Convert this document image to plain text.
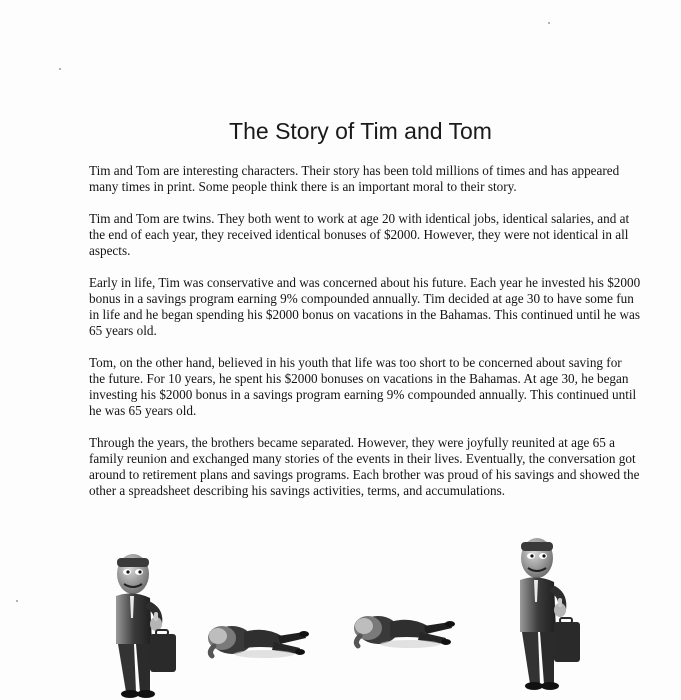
The Story of Tim and Tom

Tim and Tom are interesting characters. Their story has been told millions of times and has appeared many times in print. Some people think there is an important moral to their story.

Tim and Tom are twins. They both went to work at age 20 with identical jobs, identical salaries, and at the end of each year, they received identical bonuses of $2000. However, they were not identical in all aspects.

Early in life, Tim was conservative and was concerned about his future. Each year he invested his $2000 bonus in a savings program earning 9% compounded annually. Tim decided at age 30 to have some fun in life and he began spending his $2000 bonus on vacations in the Bahamas. This continued until he was 65 years old.

Tom, on the other hand, believed in his youth that life was too short to be concerned about saving for the future. For 10 years, he spent his $2000 bonuses on vacations in the Bahamas. At age 30, he began investing his $2000 bonus in a savings program earning 9% compounded annually. This continued until he was 65 years old.

Through the years, the brothers became separated. However, they were joyfully reunited at age 65 a family reunion and exchanged many stories of the events in their lives. Eventually, the conversation got around to retirement plans and savings programs. Each brother was proud of his savings and showed the other a spreadsheet describing his savings activities, terms, and accumulations.
